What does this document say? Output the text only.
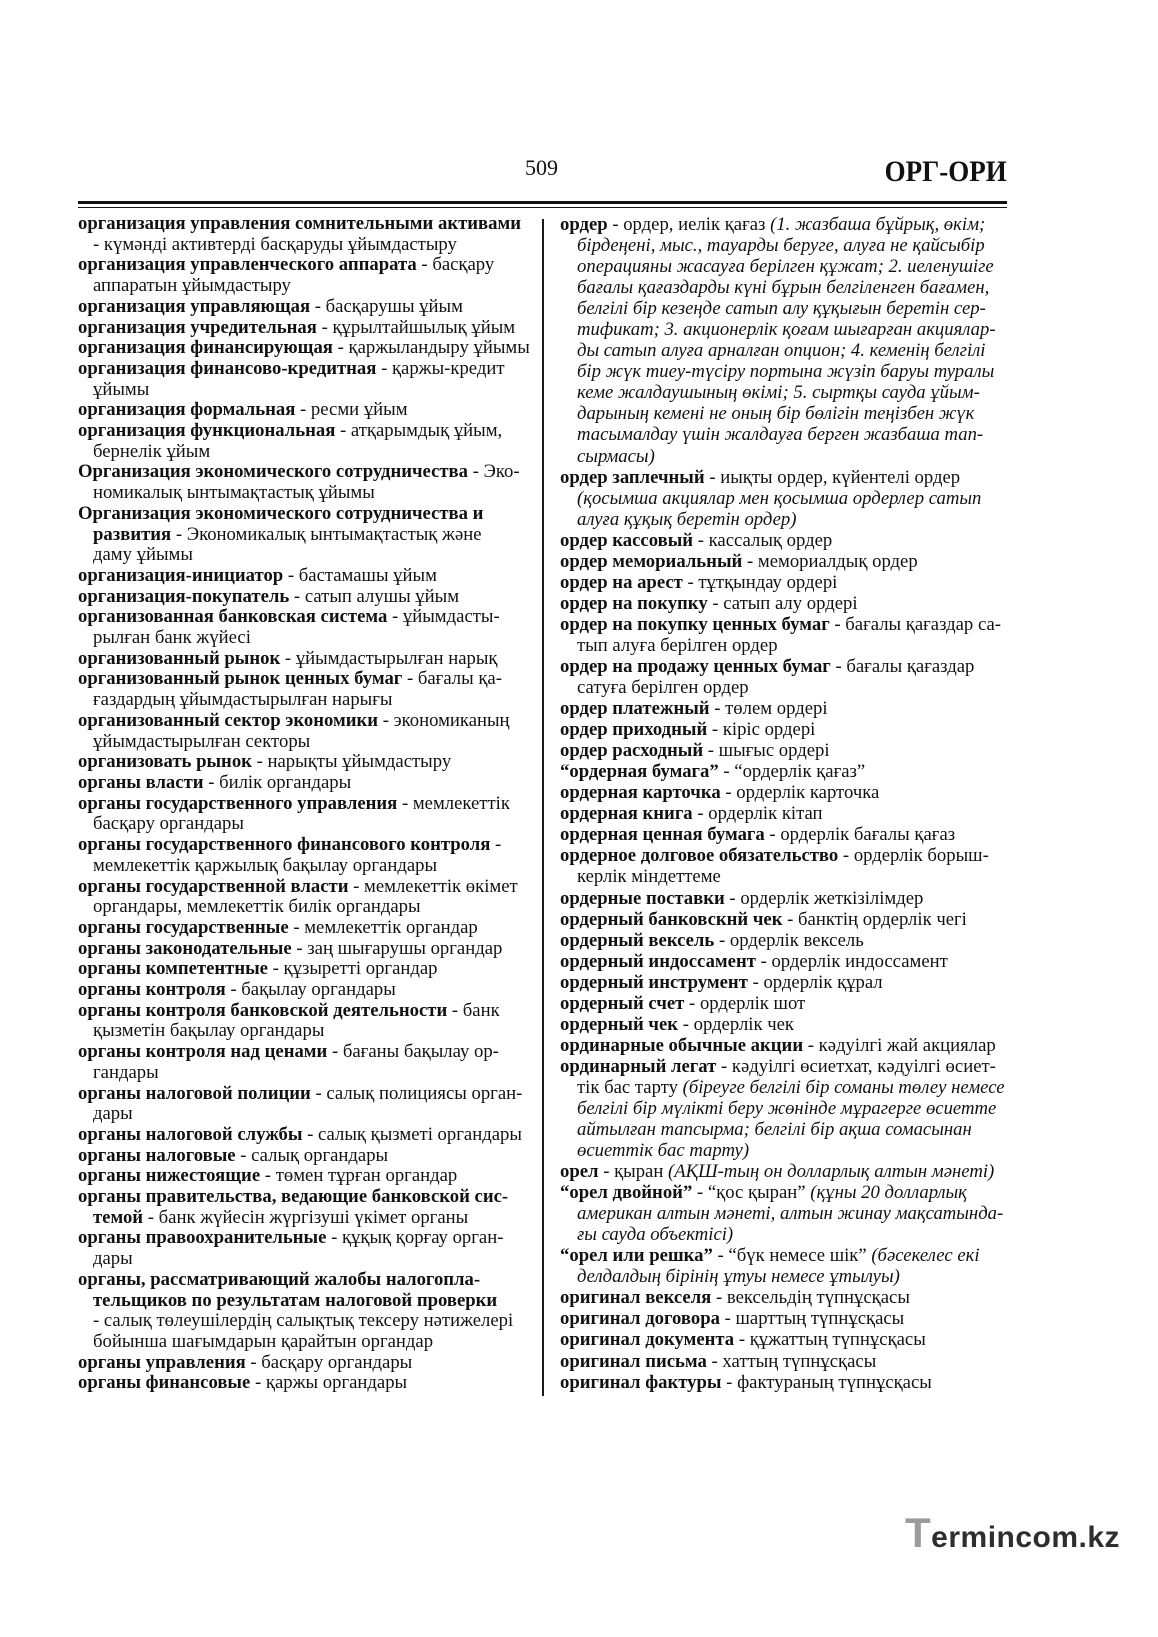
509	ОРГ-ОРИ
организация управления сомнительными активами
- күмәнді активтерді басқаруды ұйымдастыру
организация управленческого аппарата - басқару
аппаратын ұйымдастыру
организация управляющая - басқарушы ұйым
организация учредительная - құрылтайшылық ұйым
организация финансирующая - қаржыландыру ұйымы
организация финансово-кредитная - қаржы-кредит
ұйымы
организация формальная - ресми ұйым
организация функциональная - атқарымдық ұйым,
бернелік ұйым
Организация экономического сотрудничества - Эко-
номикалық ынтымақтастық ұйымы
Организация экономического сотрудничества и
развития - Экономикалық ынтымақтастық және
даму ұйымы
организация-инициатор - бастамашы ұйым
организация-покупатель - сатып алушы ұйым
организованная банковская система - ұйымдасты-
рылған банк жүйесі
организованный рынок - ұйымдастырылған нарық
организованный рынок ценных бумаг - бағалы қа-
ғаздардың ұйымдастырылған нарығы
организованный сектор экономики - экономиканың
ұйымдастырылған секторы
организовать рынок - нарықты ұйымдастыру
органы власти - билік органдары
органы государственного управления - мемлекеттік
басқару органдары
органы государственного финансового контроля -
мемлекеттік қаржылық бақылау органдары
органы государственной власти - мемлекеттік өкімет
органдары, мемлекеттік билік органдары
органы государственные - мемлекеттік органдар
органы законодательные - заң шығарушы органдар
органы компетентные - құзыретті органдар
органы контроля - бақылау органдары
органы контроля банковской деятельности - банк
қызметін бақылау органдары
органы контроля над ценами - бағаны бақылау ор-
гандары
органы налоговой полиции - салық полициясы орган-
дары
органы налоговой службы - салық қызметі органдары
органы налоговые - салық органдары
органы нижестоящие - төмен тұрған органдар
органы правительства, ведающие банковской сис-
темой - банк жүйесін жүргізуші үкімет органы
органы правоохранительные - құқық қорғау орган-
дары
органы, рассматривающий жалобы налогопла-
тельщиков по результатам налоговой проверки
- салық төлеушілердің салықтық тексеру нәтижелері
бойынша шағымдарын қарайтын органдар
органы управления - басқару органдары
органы финансовые - қаржы органдары
ордер - ордер, иелік қағаз (1. жазбаша бұйрық, өкім;
бірдеңені, мыс., тауарды беруге, алуға не қайсыбір
операцияны жасауға берілген құжат; 2. иеленушіге
бағалы қағаздарды күні бұрын белгіленген бағамен,
белгілі бір кезеңде сатып алу құқығын беретін сер-
тификат; 3. акционерлік қоғам шығарған акциялар-
ды сатып алуға арналған опцион; 4. кеменің белгілі
бір жүк тиеу-түсіру портына жүзіп баруы туралы
кеме жалдаушының өкімі; 5. сыртқы сауда ұйым-
дарының кемені не оның бір бөлігін теңізбен жүк
тасымалдау үшін жалдауға берген жазбаша тап-
сырмасы)
ордер заплечный - иықты ордер, күйентелі ордер
(қосымша акциялар мен қосымша ордерлер сатып
алуға құқық беретін ордер)
ордер кассовый - кассалық ордер
ордер мемориальный - мемориалдық ордер
ордер на арест - тұтқындау ордері
ордер на покупку - сатып алу ордері
ордер на покупку ценных бумаг - бағалы қағаздар са-
тып алуға берілген ордер
ордер на продажу ценных бумаг - бағалы қағаздар
сатуға берілген ордер
ордер платежный - төлем ордері
ордер приходный - кіріс ордері
ордер расходный - шығыс ордері
“ордерная бумага” - “ордерлік қағаз”
ордерная карточка - ордерлік карточка
ордерная книга - ордерлік кітап
ордерная ценная бумага - ордерлік бағалы қағаз
ордерное долговое обязательство - ордерлік борыш-
керлік міндеттеме
ордерные поставки - ордерлік жеткізілімдер
ордерный банковскнй чек - банктің ордерлік чегі
ордерный вексель - ордерлік вексель
ордерный индоссамент - ордерлік индоссамент
ордерный инструмент - ордерлік құрал
ордерный счет - ордерлік шот
ордерный чек - ордерлік чек
ординарные обычные акции - кәдуілгі жай акциялар
ординарный легат - кәдуілгі өсиетхат, кәдуілгі өсиет-
тік бас тарту (біреуге белгілі бір соманы төлеу немесе
белгілі бір мүлікті беру жөнінде мұрагерге өсиетте
айтылған тапсырма; белгілі бір ақша сомасынан
өсиеттік бас тарту)
орел - қыран (АҚШ-тың он долларлық алтын мәнеті)
“орел двойной” - “қос қыран” (құны 20 долларлық
американ алтын мәнеті, алтын жинау мақсатында-
ғы сауда объектісі)
“орел или решка” - “бүк немесе шік” (бәсекелес екі
делдалдың бірінің ұтуы немесе ұтылуы)
оригинал векселя - вексельдің түпнұсқасы
оригинал договора - шарттың түпнұсқасы
оригинал документа - құжаттың түпнұсқасы
оригинал письма - хаттың түпнұсқасы
оригинал фактуры - фактураның түпнұсқасы
Termincom.kz
